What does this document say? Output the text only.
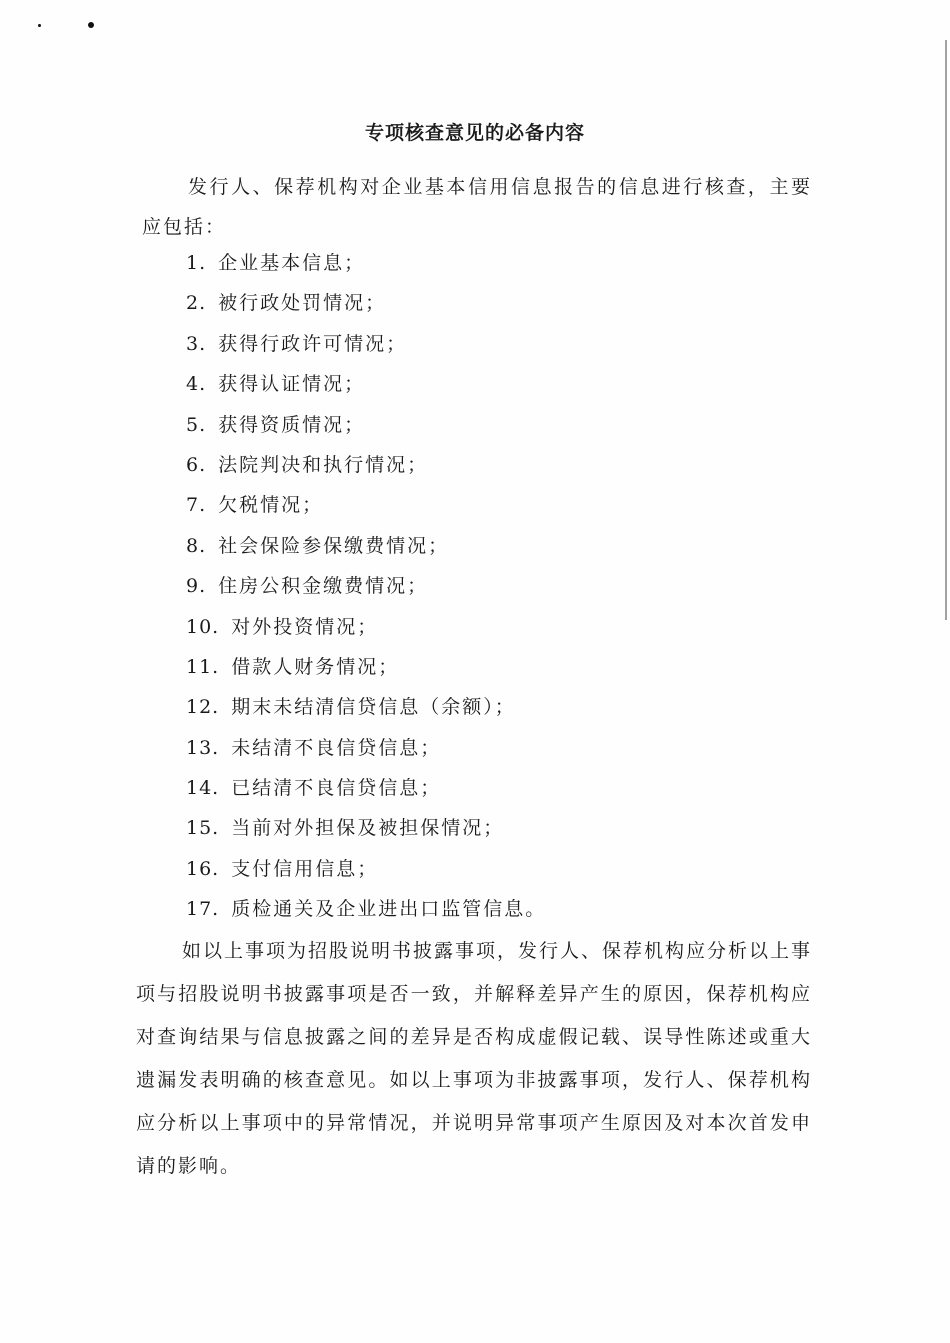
专项核查意见的必备内容

发行人、保荐机构对企业基本信用信息报告的信息进行核查，主要应包括：

1. 企业基本信息；
2. 被行政处罚情况；
3. 获得行政许可情况；
4. 获得认证情况；
5. 获得资质情况；
6. 法院判决和执行情况；
7. 欠税情况；
8. 社会保险参保缴费情况；
9. 住房公积金缴费情况；
10. 对外投资情况；
11. 借款人财务情况；
12. 期末未结清信贷信息（余额）；
13. 未结清不良信贷信息；
14. 已结清不良信贷信息；
15. 当前对外担保及被担保情况；
16. 支付信用信息；
17. 质检通关及企业进出口监管信息。

如以上事项为招股说明书披露事项，发行人、保荐机构应分析以上事项与招股说明书披露事项是否一致，并解释差异产生的原因，保荐机构应对查询结果与信息披露之间的差异是否构成虚假记载、误导性陈述或重大遗漏发表明确的核查意见。如以上事项为非披露事项，发行人、保荐机构应分析以上事项中的异常情况，并说明异常事项产生原因及对本次首发申请的影响。
